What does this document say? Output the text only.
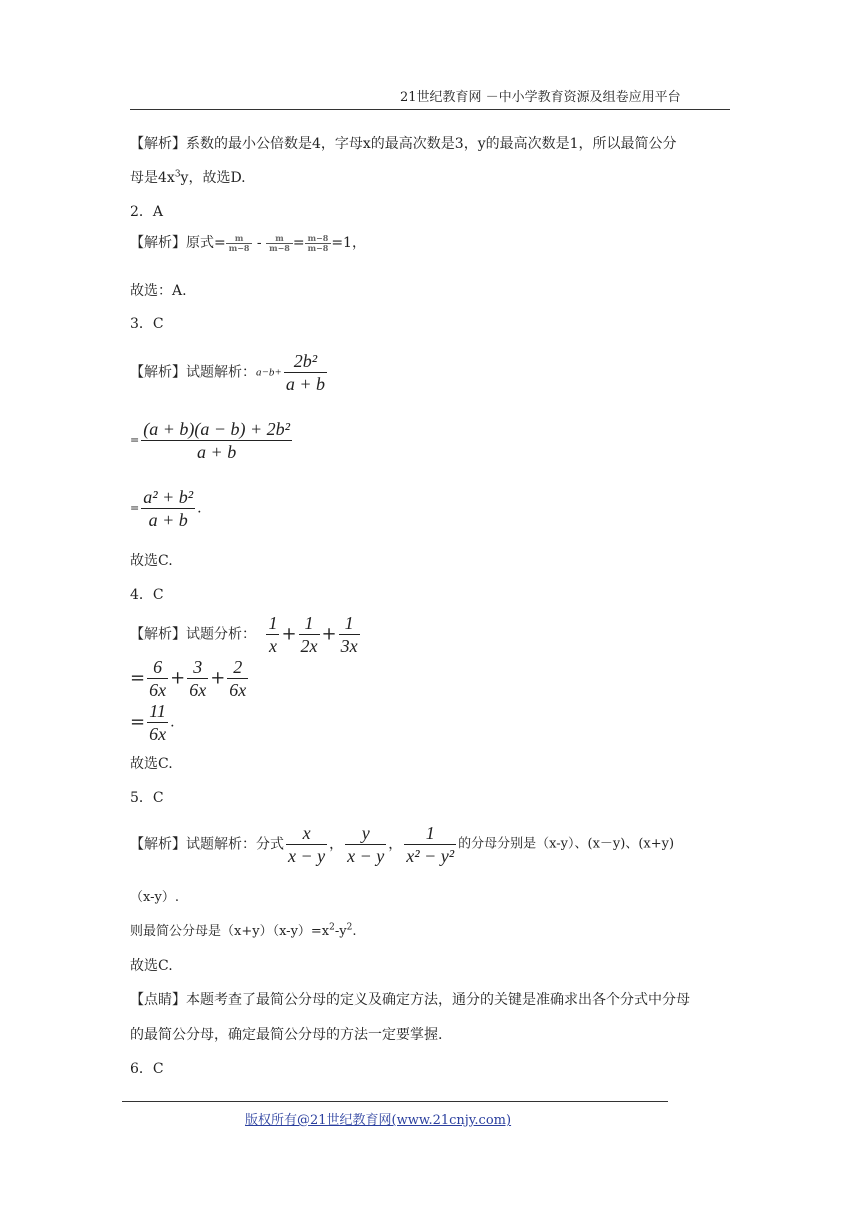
21世纪教育网 －中小学教育资源及组卷应用平台
【解析】系数的最小公倍数是4，字母x的最高次数是3，y的最高次数是1，所以最简公分
母是$4x^3y$，故选D.
2．A
【解析】原式= $\frac{m}{m-8} - \frac{m}{m-8} = \frac{m-8}{m-8} =1$，
故选：A.
3．C
【解析】试题解析：$a-b+ \frac{\text{2b²}}{a + b}$
= $\frac{\text{(a + b)(a − b) + 2b²}}{a + b}$
= $\frac{\text{a² + b²}}{a + b}$ .
故选C.
4．C
【解析】试题分析： $\frac{1}{x} + \frac{1}{2x} + \frac{1}{3x}$
= $\frac{6}{6x} + \frac{3}{6x} + \frac{2}{6x}$
= $\frac{11}{6x}$ .
故选C.
5．C
【解析】试题解析：分式 $\frac{x}{x - y}$ ， $\frac{y}{x - y}$ ， $\frac{1}{\text{x² − y²}}$ 的分母分别是（x-y）、(x－y)、(x+y)
（x-y）.
则最简公分母是$(x+y)(x-y)=x^2-y^2$.
故选C.
【点睛】本题考查了最简公分母的定义及确定方法，通分的关键是准确求出各个分式中分母
的最简公分母，确定最简公分母的方法一定要掌握.
6．C
版权所有@21世纪教育网(www.21cnjy.com)
